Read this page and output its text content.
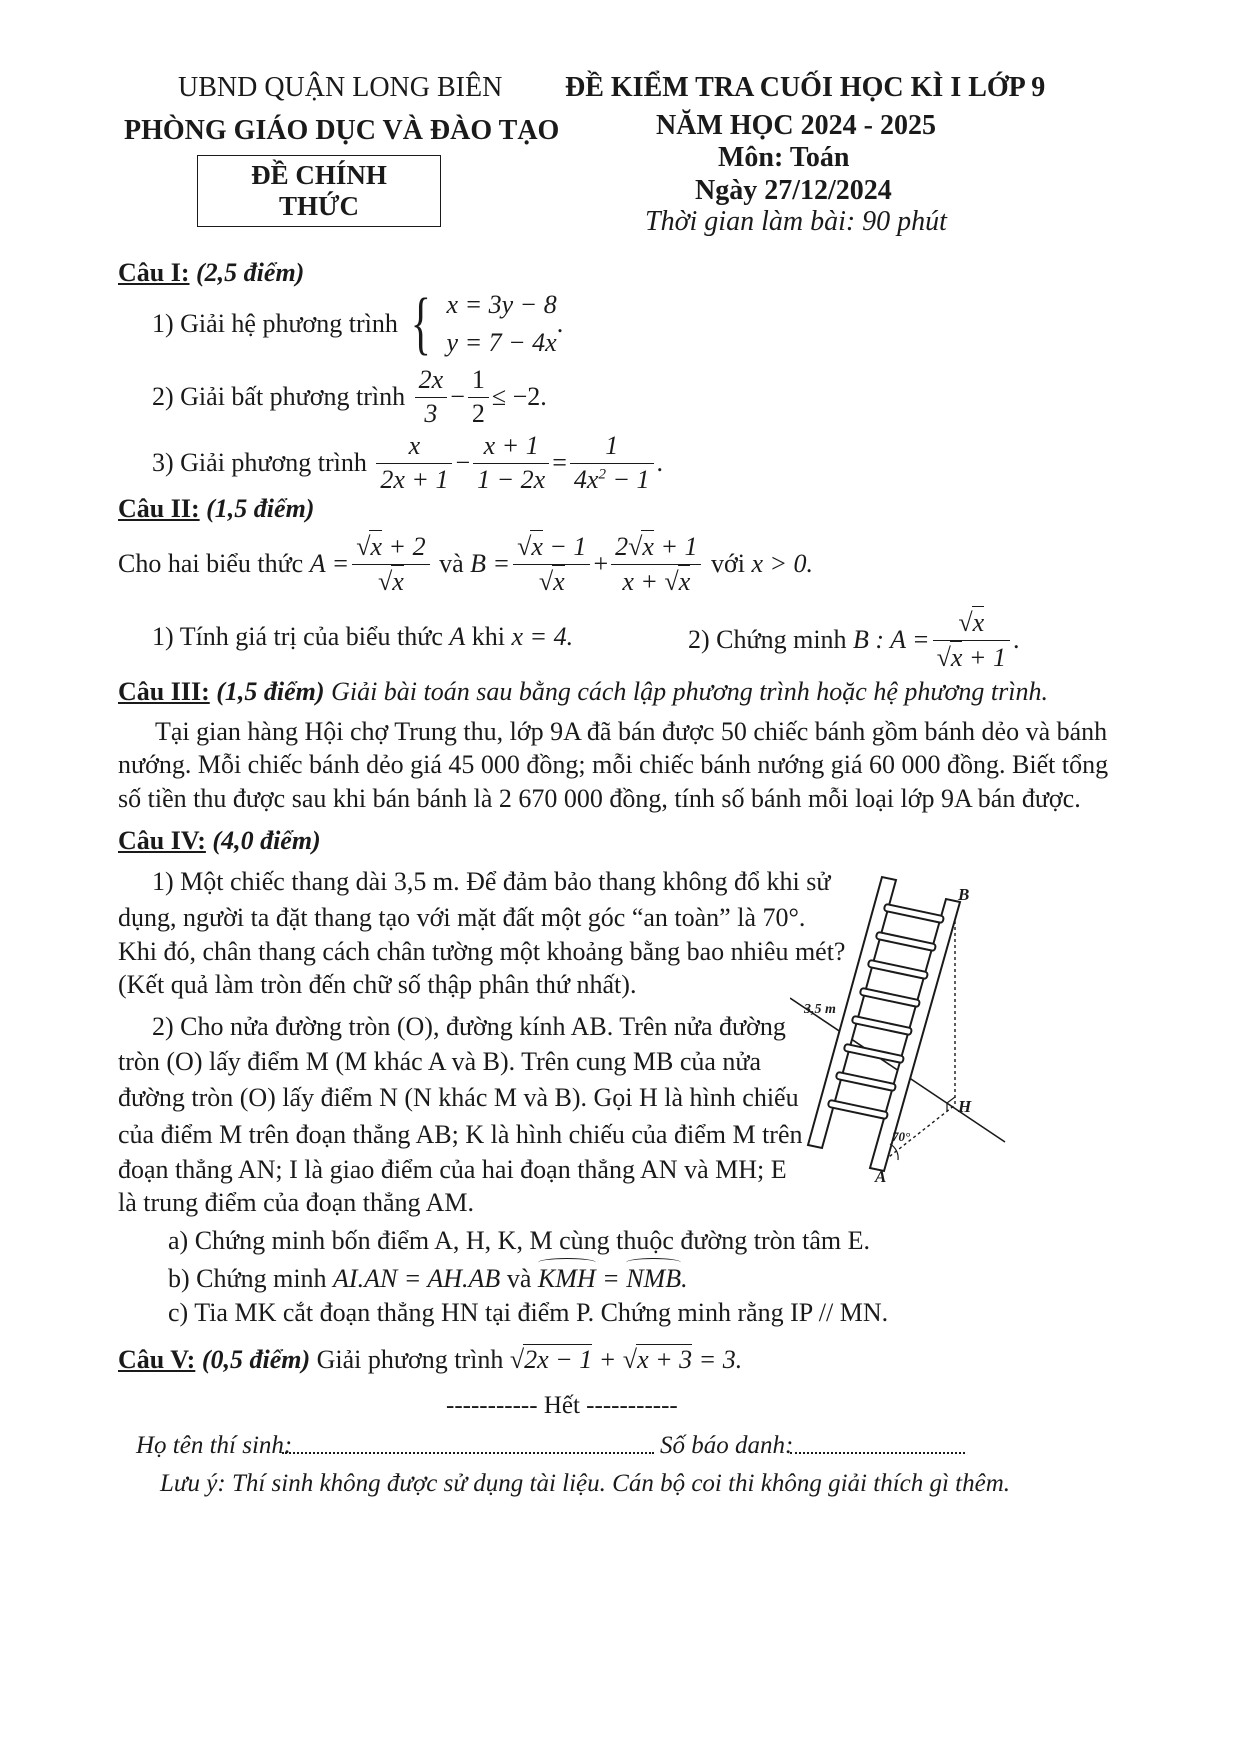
UBND QUẬN LONG BIÊN
PHÒNG GIÁO DỤC VÀ ĐÀO TẠO
ĐỀ CHÍNH THỨC
ĐỀ KIỂM TRA CUỐI HỌC KÌ I LỚP 9
NĂM HỌC 2024 - 2025
Môn: Toán
Ngày 27/12/2024
Thời gian làm bài: 90 phút
Câu I: (2,5 điểm)
1) Giải hệ phương trình { x = 3y − 8
y = 7 − 4x
.
2) Giải bất phương trình $\frac{2x}{3} - \frac{1}{2} \le -2$.
3) Giải phương trình $\frac{x}{2x + 1} - \frac{x + 1}{1 - 2x} = \frac{1}{4x^2 - 1}$ .
Câu II: (1,5 điểm)
Cho hai biểu thức $A = \frac{√x + 2}{√x}$ và $B = \frac{√x - 1}{√x} + \frac{2√x + 1}{x + √x}$ với x > 0.
1) Tính giá trị của biểu thức A khi x = 4.	2) Chứng minh B : $A = \frac{√x}{√x + 1}$ .
Câu III: (1,5 điểm) Giải bài toán sau bằng cách lập phương trình hoặc hệ phương trình.
Tại gian hàng Hội chợ Trung thu, lớp 9A đã bán được 50 chiếc bánh gồm bánh dẻo và bánh
nướng. Mỗi chiếc bánh dẻo giá 45 000 đồng; mỗi chiếc bánh nướng giá 60 000 đồng. Biết tổng
số tiền thu được sau khi bán bánh là 2 670 000 đồng, tính số bánh mỗi loại lớp 9A bán được.
Câu IV: (4,0 điểm)
1) Một chiếc thang dài 3,5 m. Để đảm bảo thang không đổ khi sử
dụng, người ta đặt thang tạo với mặt đất một góc “an toàn” là 70°.
Khi đó, chân thang cách chân tường một khoảng bằng bao nhiêu mét?
(Kết quả làm tròn đến chữ số thập phân thứ nhất).
2) Cho nửa đường tròn (O), đường kính AB. Trên nửa đường
tròn (O) lấy điểm M (M khác A và B). Trên cung MB của nửa
đường tròn (O) lấy điểm N (N khác M và B). Gọi H là hình chiếu
của điểm M trên đoạn thẳng AB; K là hình chiếu của điểm M trên
đoạn thẳng AN; I là giao điểm của hai đoạn thẳng AN và MH; E
là trung điểm của đoạn thẳng AM.
a) Chứng minh bốn điểm A, H, K, M cùng thuộc đường tròn tâm E.
b) Chứng minh AI.AN = AH.AB và KMH = NMB.
c) Tia MK cắt đoạn thẳng HN tại điểm P. Chứng minh rằng IP // MN.
B
H
A
3,5 m
70°
Câu V: (0,5 điểm) Giải phương trình √2x − 1 + √x + 3 = 3.
----------- Hết -----------
Họ tên thí sinh:	Số báo danh:
Lưu ý: Thí sinh không được sử dụng tài liệu. Cán bộ coi thi không giải thích gì thêm.
